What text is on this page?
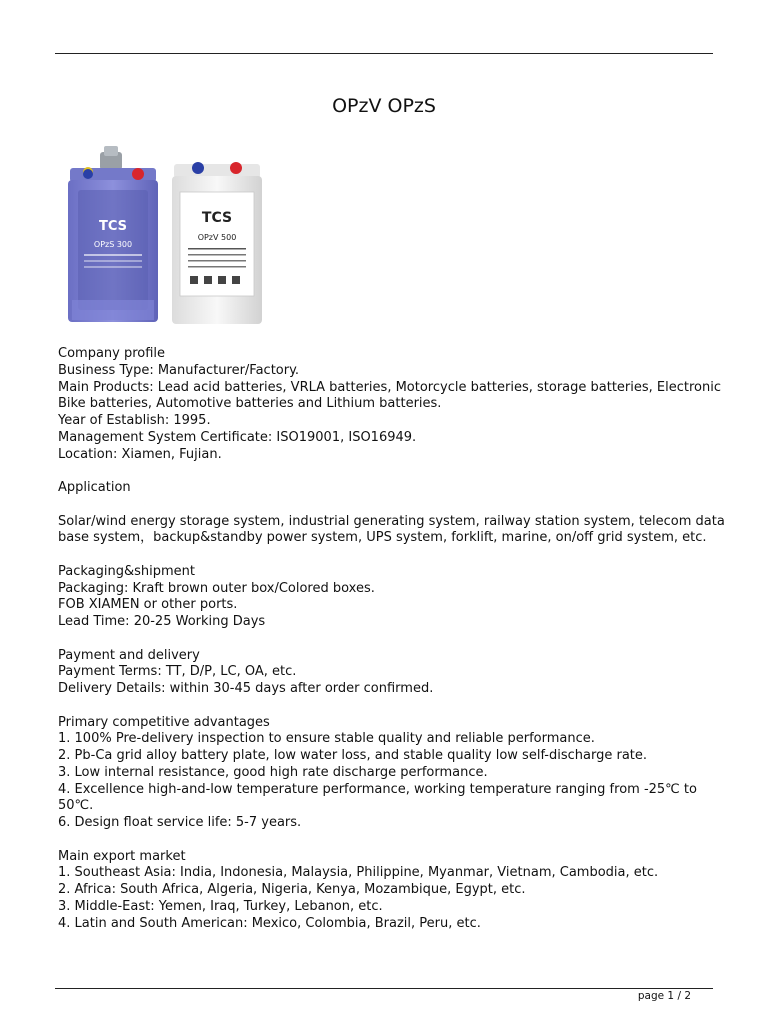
OPzV OPzS
TCS
OPzS 300
TCS
OPzV 500
Company profile
Business Type: Manufacturer/Factory.
Main Products: Lead acid batteries, VRLA batteries, Motorcycle batteries, storage batteries, Electronic
Bike batteries, Automotive batteries and Lithium batteries.
Year of Establish: 1995.
Management System Certificate: ISO19001, ISO16949.
Location: Xiamen, Fujian.
Application
Solar/wind energy storage system, industrial generating system, railway station system, telecom data
base system，backup&standby power system, UPS system, forklift, marine, on/off grid system, etc.
Packaging&shipment
Packaging: Kraft brown outer box/Colored boxes.
FOB XIAMEN or other ports.
Lead Time: 20-25 Working Days
Payment and delivery
Payment Terms: TT, D/P, LC, OA, etc.
Delivery Details: within 30-45 days after order confirmed.
Primary competitive advantages
1. 100% Pre-delivery inspection to ensure stable quality and reliable performance.
2. Pb-Ca grid alloy battery plate, low water loss, and stable quality low self-discharge rate.
3. Low internal resistance, good high rate discharge performance.
4. Excellence high-and-low temperature performance, working temperature ranging from -25℃ to
50℃.
6. Design float service life: 5-7 years.
Main export market
1. Southeast Asia: India, Indonesia, Malaysia, Philippine, Myanmar, Vietnam, Cambodia, etc.
2. Africa: South Africa, Algeria, Nigeria, Kenya, Mozambique, Egypt, etc.
3. Middle-East: Yemen, Iraq, Turkey, Lebanon, etc.
4. Latin and South American: Mexico, Colombia, Brazil, Peru, etc.
page 1 / 2
